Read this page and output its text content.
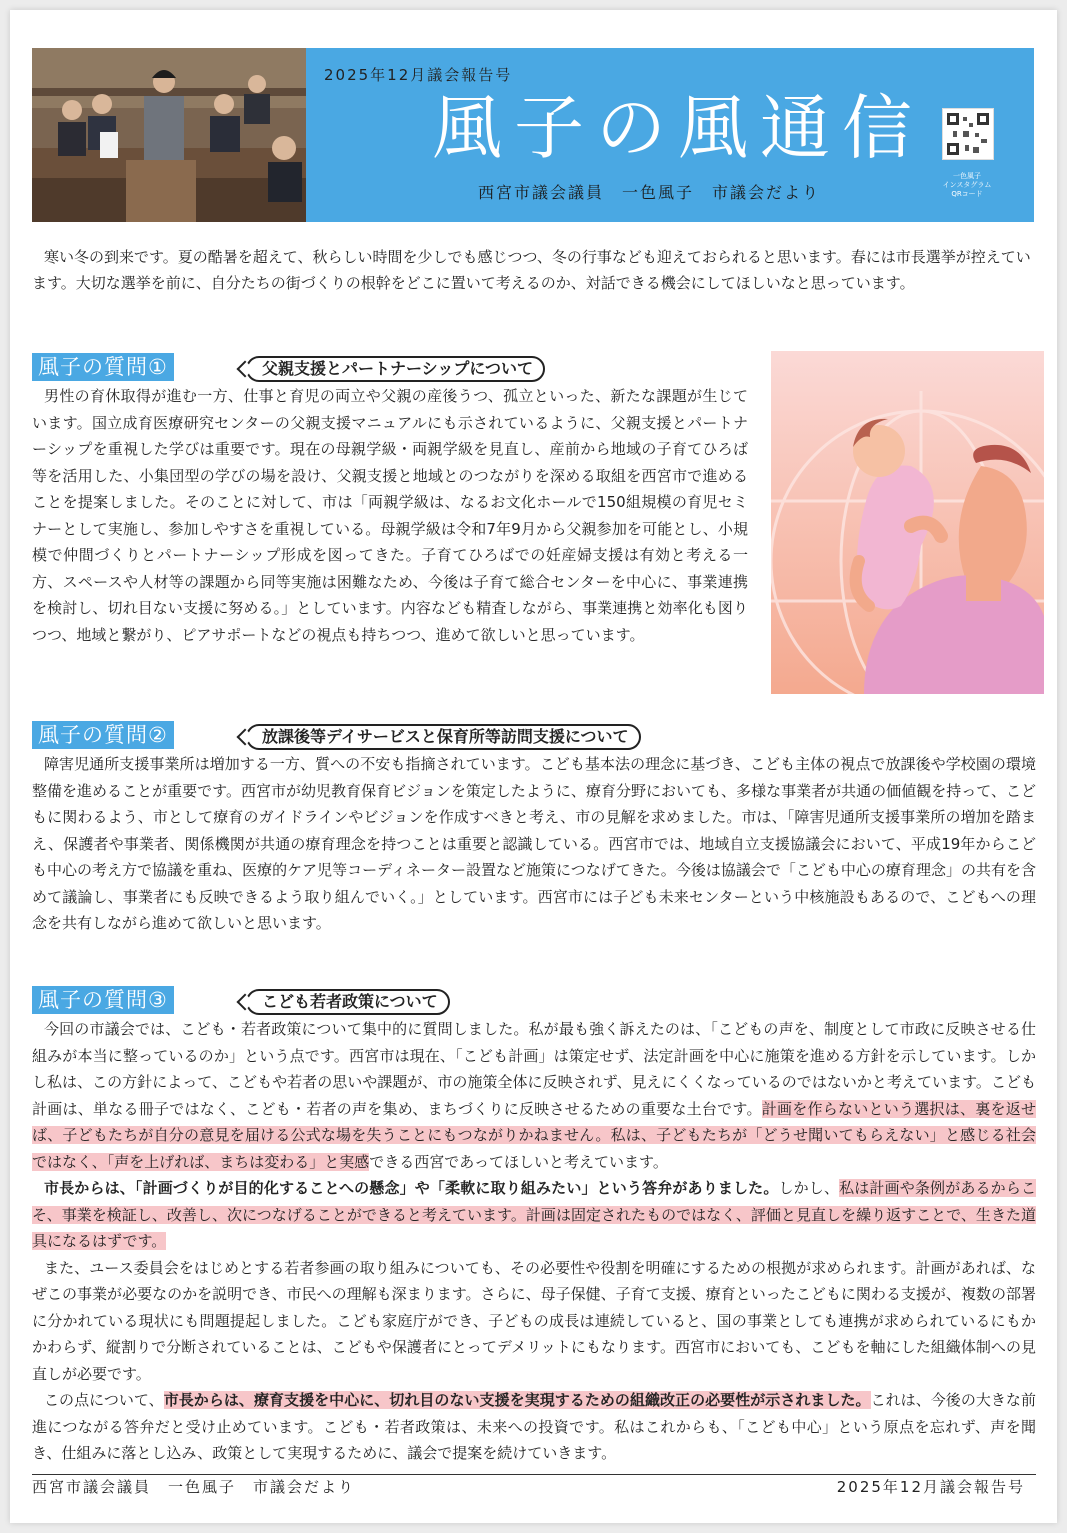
2025年12月議会報告号
風子の風通信
西宮市議会議員　一色風子　市議会だより
一色風子
インスタグラム
QRコード

寒い冬の到来です。夏の酷暑を超えて、秋らしい時間を少しでも感じつつ、冬の行事なども迎えておられると思います。春には市長選挙が控えています。大切な選挙を前に、自分たちの街づくりの根幹をどこに置いて考えるのか、対話できる機会にしてほしいなと思っています。

風子の質問①	父親支援とパートナーシップについて

男性の育休取得が進む一方、仕事と育児の両立や父親の産後うつ、孤立といった、新たな課題が生じています。国立成育医療研究センターの父親支援マニュアルにも示されているように、父親支援とパートナーシップを重視した学びは重要です。現在の母親学級・両親学級を見直し、産前から地域の子育てひろば等を活用した、小集団型の学びの場を設け、父親支援と地域とのつながりを深める取組を西宮市で進めることを提案しました。そのことに対して、市は「両親学級は、なるお文化ホールで150組規模の育児セミナーとして実施し、参加しやすさを重視している。母親学級は令和7年9月から父親参加を可能とし、小規模で仲間づくりとパートナーシップ形成を図ってきた。子育てひろばでの妊産婦支援は有効と考える一方、スペースや人材等の課題から同等実施は困難なため、今後は子育て総合センターを中心に、事業連携を検討し、切れ目ない支援に努める。」としています。内容なども精査しながら、事業連携と効率化も図りつつ、地域と繋がり、ピアサポートなどの視点も持ちつつ、進めて欲しいと思っています。

風子の質問②	放課後等デイサービスと保育所等訪問支援について

障害児通所支援事業所は増加する一方、質への不安も指摘されています。こども基本法の理念に基づき、こども主体の視点で放課後や学校園の環境整備を進めることが重要です。西宮市が幼児教育保育ビジョンを策定したように、療育分野においても、多様な事業者が共通の価値観を持って、こどもに関わるよう、市として療育のガイドラインやビジョンを作成すべきと考え、市の見解を求めました。市は、「障害児通所支援事業所の増加を踏まえ、保護者や事業者、関係機関が共通の療育理念を持つことは重要と認識している。西宮市では、地域自立支援協議会において、平成19年からこども中心の考え方で協議を重ね、医療的ケア児等コーディネーター設置など施策につなげてきた。今後は協議会で「こども中心の療育理念」の共有を含めて議論し、事業者にも反映できるよう取り組んでいく。」としています。西宮市には子ども未来センターという中核施設もあるので、こどもへの理念を共有しながら進めて欲しいと思います。

風子の質問③	こども若者政策について

今回の市議会では、こども・若者政策について集中的に質問しました。私が最も強く訴えたのは、「こどもの声を、制度として市政に反映させる仕組みが本当に整っているのか」という点です。西宮市は現在、「こども計画」は策定せず、法定計画を中心に施策を進める方針を示しています。しかし私は、この方針によって、こどもや若者の思いや課題が、市の施策全体に反映されず、見えにくくなっているのではないかと考えています。こども計画は、単なる冊子ではなく、こども・若者の声を集め、まちづくりに反映させるための重要な土台です。計画を作らないという選択は、裏を返せば、子どもたちが自分の意見を届ける公式な場を失うことにもつながりかねません。私は、子どもたちが「どうせ聞いてもらえない」と感じる社会ではなく、「声を上げれば、まちは変わる」と実感できる西宮であってほしいと考えています。

市長からは、「計画づくりが目的化することへの懸念」や「柔軟に取り組みたい」という答弁がありました。しかし、私は計画や条例があるからこそ、事業を検証し、改善し、次につなげることができると考えています。計画は固定されたものではなく、評価と見直しを繰り返すことで、生きた道具になるはずです。

また、ユース委員会をはじめとする若者参画の取り組みについても、その必要性や役割を明確にするための根拠が求められます。計画があれば、なぜこの事業が必要なのかを説明でき、市民への理解も深まります。さらに、母子保健、子育て支援、療育といったこどもに関わる支援が、複数の部署に分かれている現状にも問題提起しました。こども家庭庁ができ、子どもの成長は連続していると、国の事業としても連携が求められているにもかかわらず、縦割りで分断されていることは、こどもや保護者にとってデメリットにもなります。西宮市においても、こどもを軸にした組織体制への見直しが必要です。

この点について、市長からは、療育支援を中心に、切れ目のない支援を実現するための組織改正の必要性が示されました。これは、今後の大きな前進につながる答弁だと受け止めています。こども・若者政策は、未来への投資です。私はこれからも、「こども中心」という原点を忘れず、声を聞き、仕組みに落とし込み、政策として実現するために、議会で提案を続けていきます。

西宮市議会議員　一色風子　市議会だより	2025年12月議会報告号
